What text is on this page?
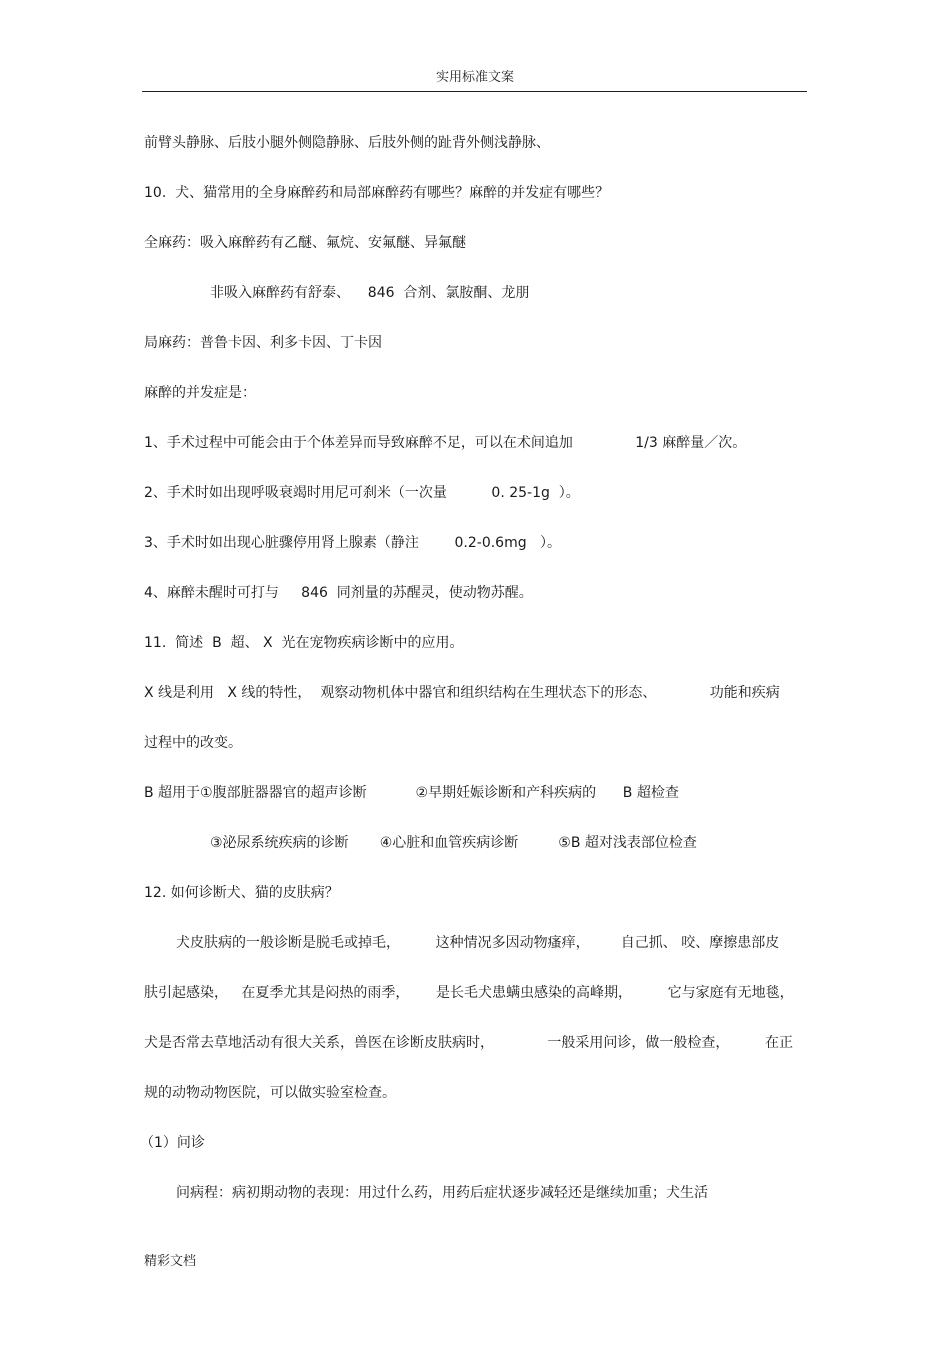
实用标准文案
前臂头静脉、后肢小腿外侧隐静脉、后肢外侧的趾背外侧浅静脉、
10.  犬、猫常用的全身麻醉药和局部麻醉药有哪些？麻醉的并发症有哪些？
全麻药：吸入麻醉药有乙醚、氟烷、安氟醚、异氟醚
非吸入麻醉药有舒泰、    846  合剂、氯胺酮、龙朋
局麻药：普鲁卡因、利多卡因、丁卡因
麻醉的并发症是：
1、手术过程中可能会由于个体差异而导致麻醉不足，可以在术间追加              1/3 麻醉量／次。
2、手术时如出现呼吸衰竭时用尼可刹米（一次量          0. 25-1g  ）。
3、手术时如出现心脏骤停用肾上腺素（静注        0.2-0.6mg   ）。
4、麻醉未醒时可打与     846  同剂量的苏醒灵，使动物苏醒。
11.  简述  B  超、 X  光在宠物疾病诊断中的应用。
X 线是利用   X 线的特性，  观察动物机体中器官和组织结构在生理状态下的形态、            功能和疾病
过程中的改变。
B 超用于①腹部脏器器官的超声诊断           ②早期妊娠诊断和产科疾病的      B 超检查
③泌尿系统疾病的诊断       ④心脏和血管疾病诊断         ⑤B 超对浅表部位检查
12. 如何诊断犬、猫的皮肤病？
犬皮肤病的一般诊断是脱毛或掉毛，        这种情况多因动物瘙痒，       自己抓、 咬、摩擦患部皮
肤引起感染，   在夏季尤其是闷热的雨季，      是长毛犬患螨虫感染的高峰期，        它与家庭有无地毯，
犬是否常去草地活动有很大关系，兽医在诊断皮肤病时，            一般采用问诊，做一般检查，        在正
规的动物动物医院，可以做实验室检查。
（1）问诊
问病程：病初期动物的表现：用过什么药，用药后症状逐步减轻还是继续加重；犬生活
精彩文档
